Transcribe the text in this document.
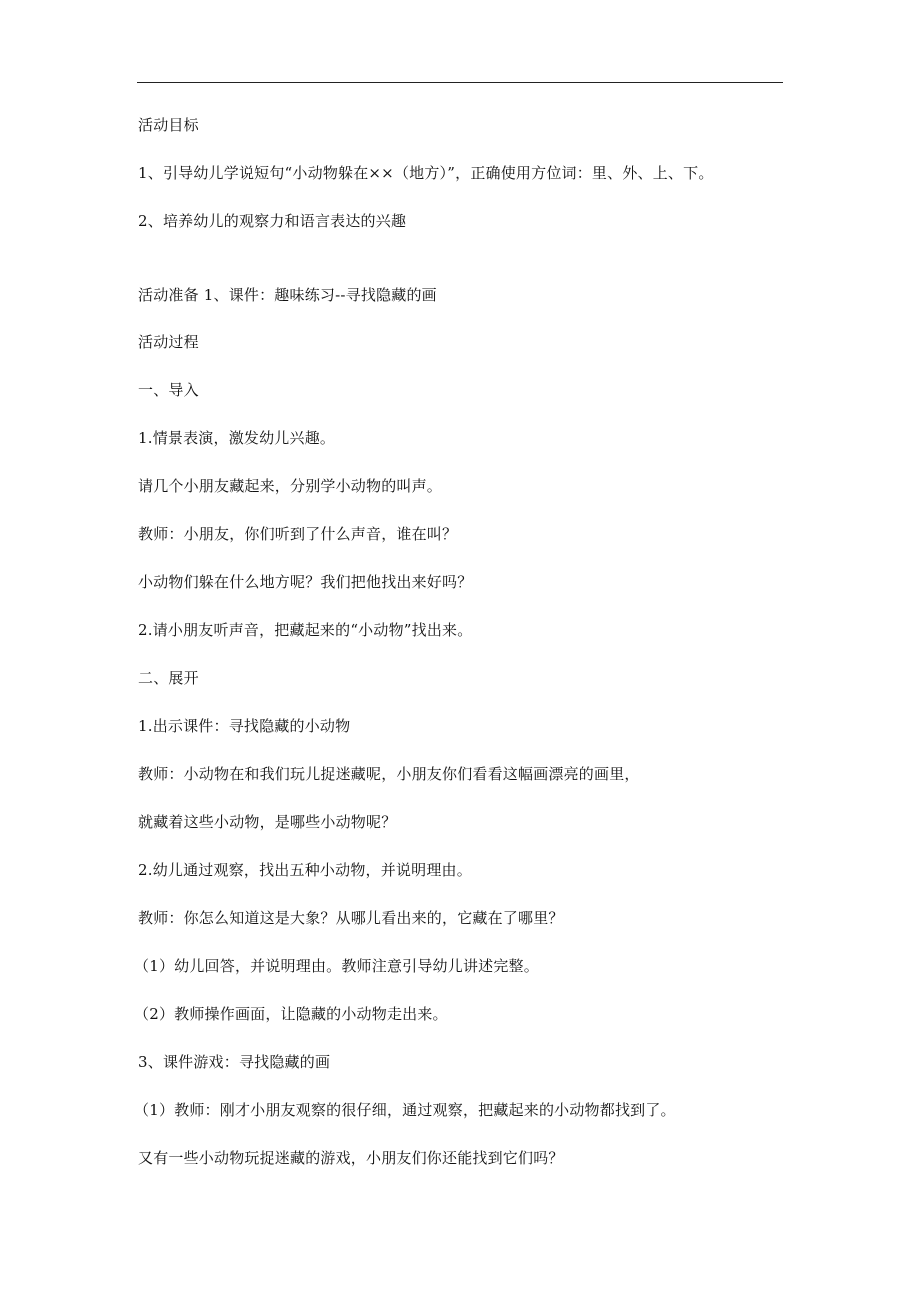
活动目标
1、引导幼儿学说短句“小动物躲在××（地方）”，正确使用方位词：里、外、上、下。
2、培养幼儿的观察力和语言表达的兴趣
活动准备 1、课件：趣味练习--寻找隐藏的画
活动过程
一、导入
1.情景表演，激发幼儿兴趣。
请几个小朋友藏起来，分别学小动物的叫声。
教师：小朋友，你们听到了什么声音，谁在叫？
小动物们躲在什么地方呢？我们把他找出来好吗？
2.请小朋友听声音，把藏起来的“小动物”找出来。
二、展开
1.出示课件：寻找隐藏的小动物
教师：小动物在和我们玩儿捉迷藏呢，小朋友你们看看这幅画漂亮的画里，
就藏着这些小动物，是哪些小动物呢？
2.幼儿通过观察，找出五种小动物，并说明理由。
教师：你怎么知道这是大象？从哪儿看出来的，它藏在了哪里？
（1）幼儿回答，并说明理由。教师注意引导幼儿讲述完整。
（2）教师操作画面，让隐藏的小动物走出来。
3、课件游戏：寻找隐藏的画
（1）教师：刚才小朋友观察的很仔细，通过观察，把藏起来的小动物都找到了。
又有一些小动物玩捉迷藏的游戏，小朋友们你还能找到它们吗？
